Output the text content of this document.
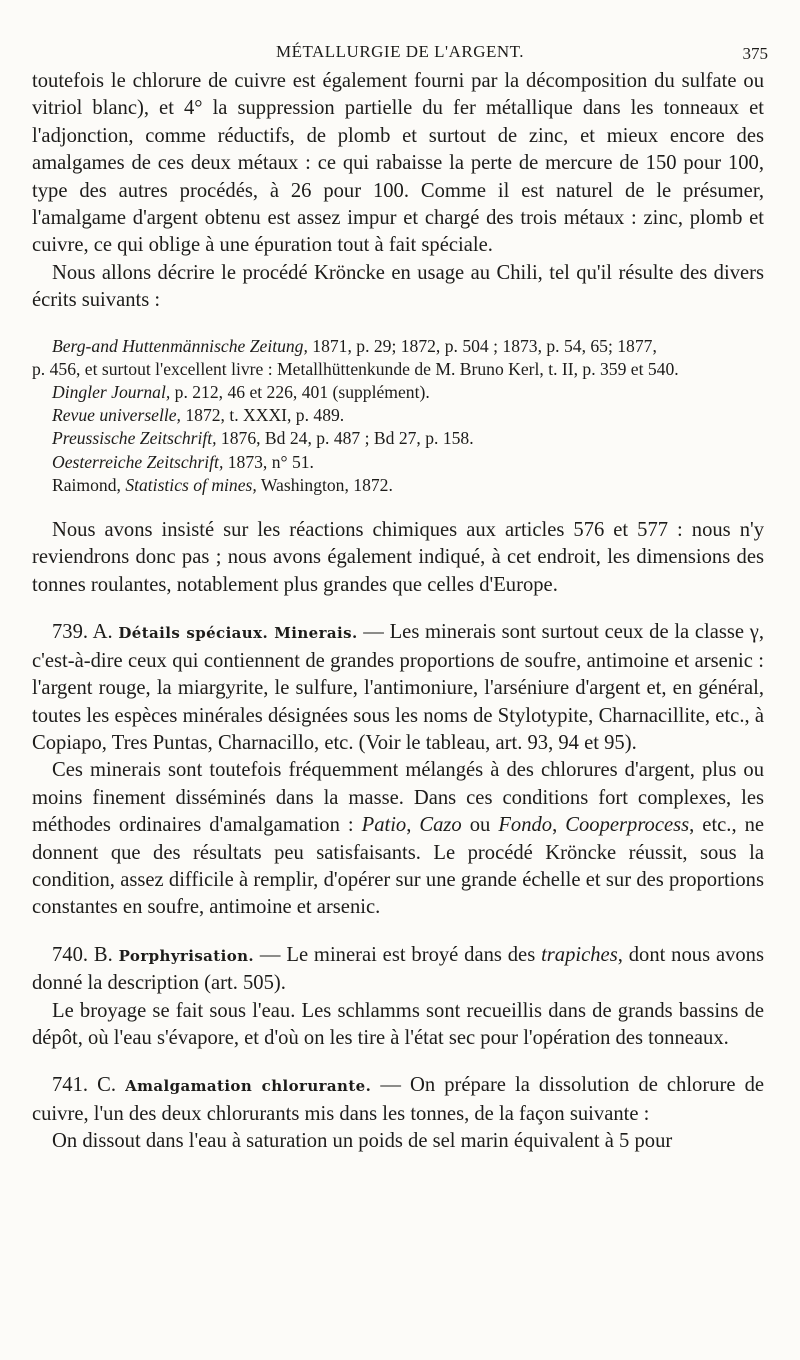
MÉTALLURGIE DE L'ARGENT.	375

toutefois le chlorure de cuivre est également fourni par la décomposition du sulfate ou vitriol blanc), et 4° la suppression partielle du fer métallique dans les tonneaux et l'adjonction, comme réductifs, de plomb et surtout de zinc, et mieux encore des amalgames de ces deux métaux : ce qui rabaisse la perte de mercure de 150 pour 100, type des autres procédés, à 26 pour 100. Comme il est naturel de le présumer, l'amalgame d'argent obtenu est assez impur et chargé des trois métaux : zinc, plomb et cuivre, ce qui oblige à une épuration tout à fait spéciale.

Nous allons décrire le procédé Kröncke en usage au Chili, tel qu'il résulte des divers écrits suivants :

Berg-and Huttenmännische Zeitung, 1871, p. 29; 1872, p. 504 ; 1873, p. 54, 65; 1877,

p. 456, et surtout l'excellent livre : Metallhüttenkunde de M. Bruno Kerl, t. II, p. 359 et 540.

Dingler Journal, p. 212, 46 et 226, 401 (supplément).

Revue universelle, 1872, t. XXXI, p. 489.

Preussische Zeitschrift, 1876, Bd 24, p. 487 ; Bd 27, p. 158.

Oesterreiche Zeitschrift, 1873, n° 51.

Raimond, Statistics of mines, Washington, 1872.

Nous avons insisté sur les réactions chimiques aux articles 576 et 577 : nous n'y reviendrons donc pas ; nous avons également indiqué, à cet endroit, les dimensions des tonnes roulantes, notablement plus grandes que celles d'Europe.

739. A. Détails spéciaux. Minerais. — Les minerais sont surtout ceux de la classe γ, c'est-à-dire ceux qui contiennent de grandes proportions de soufre, antimoine et arsenic : l'argent rouge, la miargyrite, le sulfure, l'antimoniure, l'arséniure d'argent et, en général, toutes les espèces minérales désignées sous les noms de Stylotypite, Charnacillite, etc., à Copiapo, Tres Puntas, Charnacillo, etc. (Voir le tableau, art. 93, 94 et 95).

Ces minerais sont toutefois fréquemment mélangés à des chlorures d'argent, plus ou moins finement disséminés dans la masse. Dans ces conditions fort complexes, les méthodes ordinaires d'amalgamation : Patio, Cazo ou Fondo, Cooperprocess, etc., ne donnent que des résultats peu satisfaisants. Le procédé Kröncke réussit, sous la condition, assez difficile à remplir, d'opérer sur une grande échelle et sur des proportions constantes en soufre, antimoine et arsenic.

740. B. Porphyrisation. — Le minerai est broyé dans des trapiches, dont nous avons donné la description (art. 505).

Le broyage se fait sous l'eau. Les schlamms sont recueillis dans de grands bassins de dépôt, où l'eau s'évapore, et d'où on les tire à l'état sec pour l'opération des tonneaux.

741. C. Amalgamation chlorurante. — On prépare la dissolution de chlorure de cuivre, l'un des deux chlorurants mis dans les tonnes, de la façon suivante :

On dissout dans l'eau à saturation un poids de sel marin équivalent à 5 pour
